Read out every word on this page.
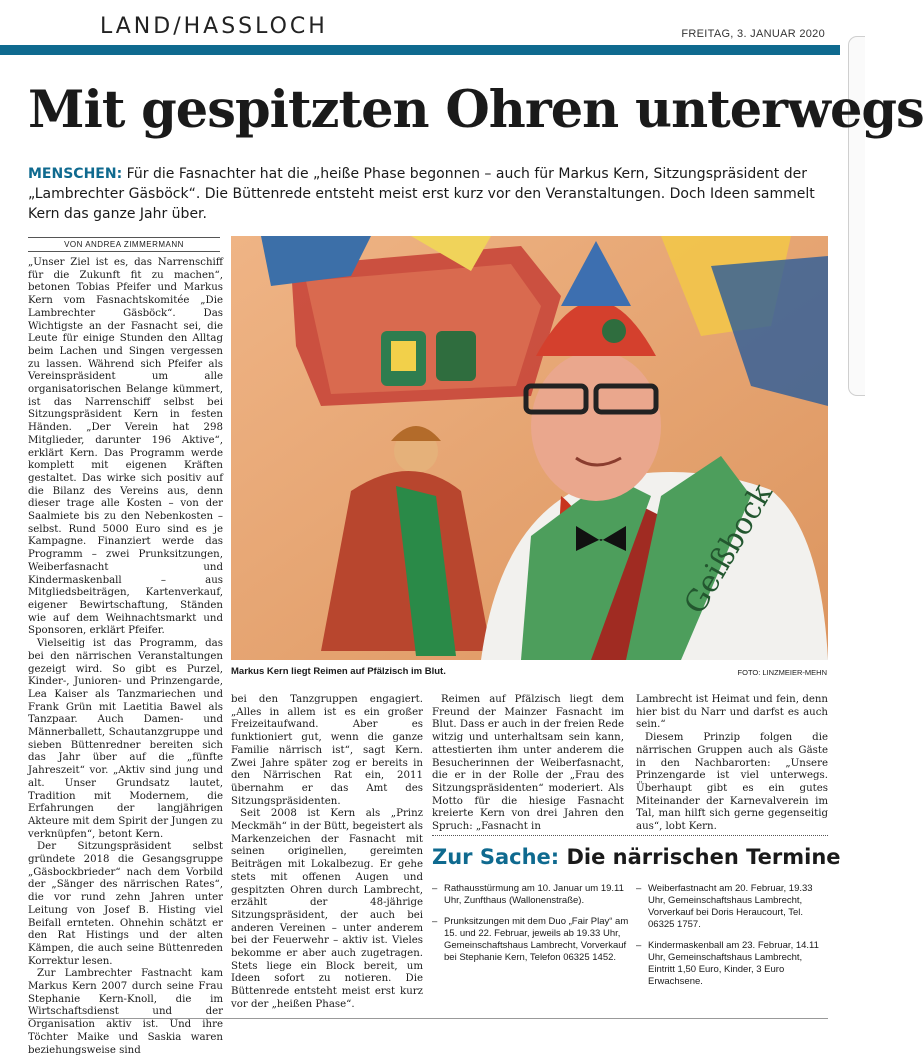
LAND/HASSLOCH	FREITAG, 3. JANUAR 2020
Mit gespitzten Ohren unterwegs
MENSCHEN: Für die Fasnachter hat die „heiße Phase begonnen – auch für Markus Kern, Sitzungspräsident der „Lambrechter Gäsböck“. Die Büttenrede entsteht meist erst kurz vor den Veranstaltungen. Doch Ideen sammelt Kern das ganze Jahr über.
VON ANDREA ZIMMERMANN

„Unser Ziel ist es, das Narrenschiff für die Zukunft fit zu machen“, betonen Tobias Pfeifer und Markus Kern vom Fasnachtskomitée „Die Lambrechter Gäsböck“. Das Wichtigste an der Fasnacht sei, die Leute für einige Stunden den Alltag beim Lachen und Singen vergessen zu lassen. Während sich Pfeifer als Vereinspräsident um alle organisatorischen Belange kümmert, ist das Narrenschiff selbst bei Sitzungspräsident Kern in festen Händen. „Der Verein hat 298 Mitglieder, darunter 196 Aktive“, erklärt Kern. Das Programm werde komplett mit eigenen Kräften gestaltet. Das wirke sich positiv auf die Bilanz des Vereins aus, denn dieser trage alle Kosten – von der Saalmiete bis zu den Nebenkosten – selbst. Rund 5000 Euro sind es je Kampagne. Finanziert werde das Programm – zwei Prunksitzungen, Weiberfasnacht und Kindermaskenball – aus Mitgliedsbeiträgen, Kartenverkauf, eigener Bewirtschaftung, Ständen wie auf dem Weihnachtsmarkt und Sponsoren, erklärt Pfeifer.

Vielseitig ist das Programm, das bei den närrischen Veranstaltungen gezeigt wird. So gibt es Purzel, Kinder-, Junioren- und Prinzengarde, Lea Kaiser als Tanzmariechen und Frank Grün mit Laetitia Bawel als Tanzpaar. Auch Damen- und Männerballett, Schautanzgruppe und sieben Büttenredner bereiten sich das Jahr über auf die „fünfte Jahreszeit“ vor. „Aktiv sind jung und alt. Unser Grundsatz lautet, Tradition mit Modernem, die Erfahrungen der langjährigen Akteure mit dem Spirit der Jungen zu verknüpfen“, betont Kern.

Der Sitzungspräsident selbst gründete 2018 die Gesangsgruppe „Gäsbockbrieder“ nach dem Vorbild der „Sänger des närrischen Rates“, die vor rund zehn Jahren unter Leitung von Josef B. Histing viel Beifall ernteten. Ohnehin schätzt er den Rat Histings und der alten Kämpen, die auch seine Büttenreden Korrektur lesen.

Zur Lambrechter Fastnacht kam Markus Kern 2007 durch seine Frau Stephanie Kern-Knoll, die im Wirtschaftsdienst und der Organisation aktiv ist. Und ihre Töchter Maike und Saskia waren beziehungsweise sind

Geißbock
Markus Kern liegt Reimen auf Pfälzisch im Blut.	FOTO: LINZMEIER-MEHN

bei den Tanzgruppen engagiert. „Alles in allem ist es ein großer Freizeitaufwand. Aber es funktioniert gut, wenn die ganze Familie närrisch ist“, sagt Kern. Zwei Jahre später zog er bereits in den Närrischen Rat ein, 2011 übernahm er das Amt des Sitzungspräsidenten.

Seit 2008 ist Kern als „Prinz Meckmäh“ in der Bütt, begeistert als Markenzeichen der Fasnacht mit seinen originellen, gereimten Beiträgen mit Lokalbezug. Er gehe stets mit offenen Augen und gespitzten Ohren durch Lambrecht, erzählt der 48-jährige Sitzungspräsident, der auch bei anderen Vereinen – unter anderem bei der Feuerwehr – aktiv ist. Vieles bekomme er aber auch zugetragen. Stets liege ein Block bereit, um Ideen sofort zu notieren. Die Büttenrede entsteht meist erst kurz vor der „heißen Phase“.

Reimen auf Pfälzisch liegt dem Freund der Mainzer Fasnacht im Blut. Dass er auch in der freien Rede witzig und unterhaltsam sein kann, attestierten ihm unter anderem die Besucherinnen der Weiberfasnacht, die er in der Rolle der „Frau des Sitzungspräsidenten“ moderiert. Als Motto für die hiesige Fasnacht kreierte Kern von drei Jahren den Spruch: „Fasnacht in

Lambrecht ist Heimat und fein, denn hier bist du Narr und darfst es auch sein.“

Diesem Prinzip folgen die närrischen Gruppen auch als Gäste in den Nachbarorten: „Unsere Prinzengarde ist viel unterwegs. Überhaupt gibt es ein gutes Miteinander der Karnevalverein im Tal, man hilft sich gerne gegenseitig aus“, lobt Kern.

Zur Sache: Die närrischen Termine
– Rathausstürmung am 10. Januar um 19.11 Uhr, Zunfthaus (Wallonenstraße).
– Prunksitzungen mit dem Duo „Fair Play“ am 15. und 22. Februar, jeweils ab 19.33 Uhr, Gemeinschaftshaus Lambrecht, Vorverkauf bei Stephanie Kern, Telefon 06325 1452.
– Weiberfastnacht am 20. Februar, 19.33 Uhr, Gemeinschaftshaus Lambrecht, Vorverkauf bei Doris Heraucourt, Tel. 06325 1757.
– Kindermaskenball am 23. Februar, 14.11 Uhr, Gemeinschaftshaus Lambrecht, Eintritt 1,50 Euro, Kinder, 3 Euro Erwachsene.
